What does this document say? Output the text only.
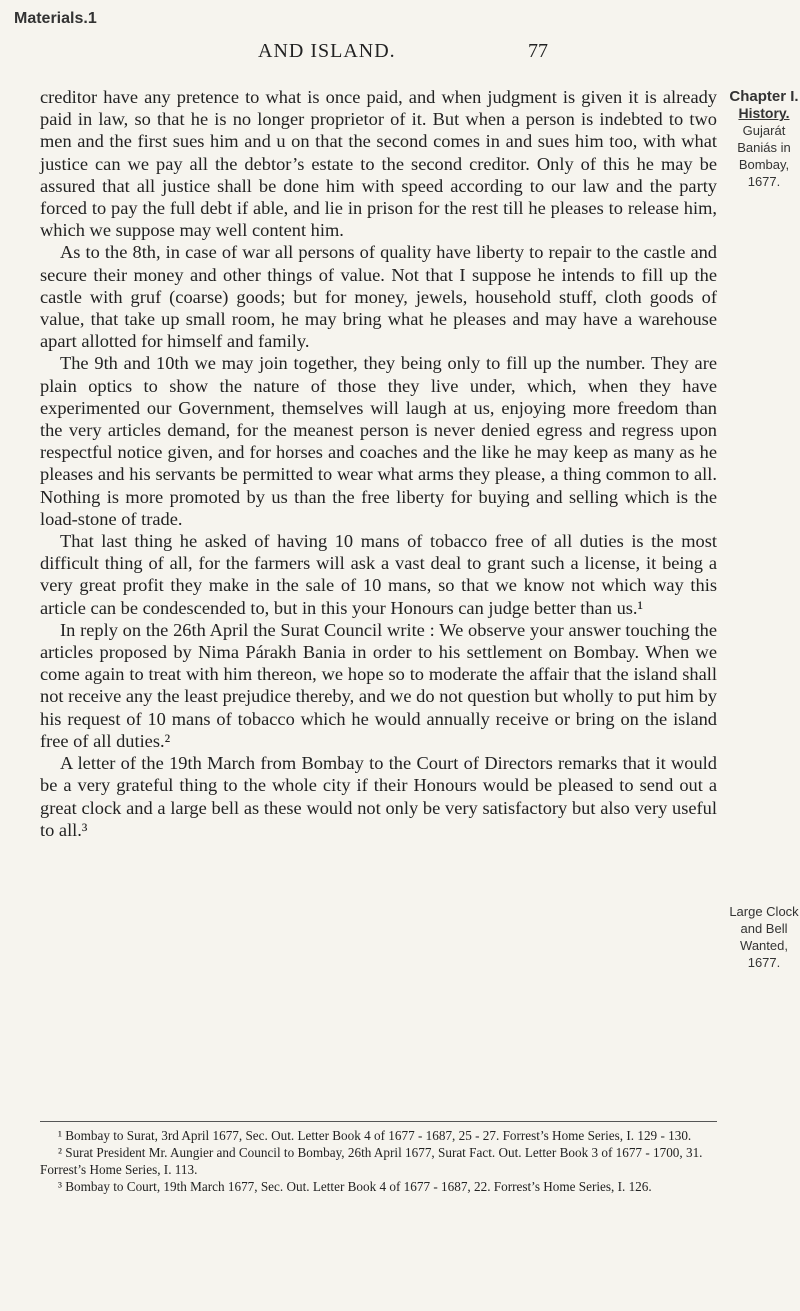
Materials.1
AND ISLAND.	77

creditor have any pretence to what is once paid, and when judgment is given it is already paid in law, so that he is no longer proprietor of it. But when a person is indebted to two men and the first sues him and u on that the second comes in and sues him too, with what justice can we pay all the debtor’s estate to the second creditor. Only of this he may be assured that all justice shall be done him with speed according to our law and the party forced to pay the full debt if able, and lie in prison for the rest till he pleases to release him, which we suppose may well content him.

As to the 8th, in case of war all persons of quality have liberty to repair to the castle and secure their money and other things of value. Not that I suppose he intends to fill up the castle with gruf (coarse) goods; but for money, jewels, household stuff, cloth goods of value, that take up small room, he may bring what he pleases and may have a warehouse apart allotted for himself and family.

The 9th and 10th we may join together, they being only to fill up the number. They are plain optics to show the nature of those they live under, which, when they have experimented our Government, themselves will laugh at us, enjoying more freedom than the very articles demand, for the meanest person is never denied egress and regress upon respectful notice given, and for horses and coaches and the like he may keep as many as he pleases and his servants be permitted to wear what arms they please, a thing common to all. Nothing is more promoted by us than the free liberty for buying and selling which is the load-stone of trade.

That last thing he asked of having 10 mans of tobacco free of all duties is the most difficult thing of all, for the farmers will ask a vast deal to grant such a license, it being a very great profit they make in the sale of 10 mans, so that we know not which way this article can be condescended to, but in this your Honours can judge better than us.¹

In reply on the 26th April the Surat Council write : We observe your answer touching the articles proposed by Nima Párakh Bania in order to his settlement on Bombay. When we come again to treat with him thereon, we hope so to moderate the affair that the island shall not receive any the least prejudice thereby, and we do not question but wholly to put him by his request of 10 mans of tobacco which he would annually receive or bring on the island free of all duties.²

A letter of the 19th March from Bombay to the Court of Directors remarks that it would be a very grateful thing to the whole city if their Honours would be pleased to send out a great clock and a large bell as these would not only be very satisfactory but also very useful to all.³

Chapter I.
History.
Gujarát Baniás in Bombay, 1677.
Large Clock and Bell Wanted, 1677.

¹ Bombay to Surat, 3rd April 1677, Sec. Out. Letter Book 4 of 1677 - 1687, 25 - 27. Forrest’s Home Series, I. 129 - 130.

² Surat President Mr. Aungier and Council to Bombay, 26th April 1677, Surat Fact. Out. Letter Book 3 of 1677 - 1700, 31. Forrest’s Home Series, I. 113.

³ Bombay to Court, 19th March 1677, Sec. Out. Letter Book 4 of 1677 - 1687, 22. Forrest’s Home Series, I. 126.
